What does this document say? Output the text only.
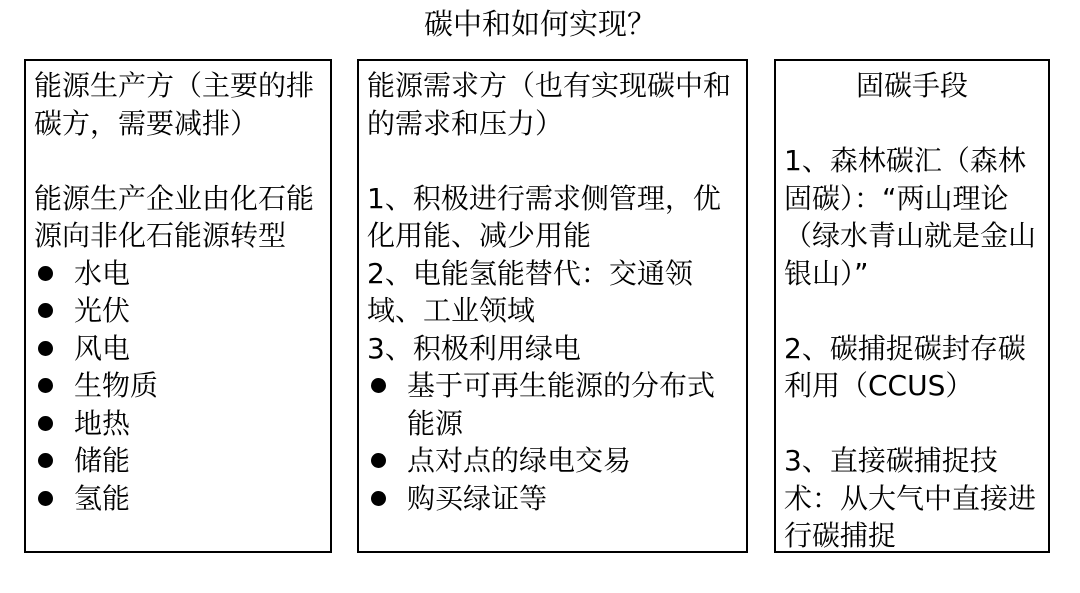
碳中和如何实现？
能源生产方（主要的排碳方，需要减排）
能源生产企业由化石能源向非化石能源转型
水电
光伏
风电
生物质
地热
储能
氢能
能源需求方（也有实现碳中和的需求和压力）
1、积极进行需求侧管理，优化用能、减少用能
2、电能氢能替代：交通领域、工业领域
3、积极利用绿电
基于可再生能源的分布式能源
点对点的绿电交易
购买绿证等
固碳手段
1、森林碳汇（森林固碳）：“两山理论（绿水青山就是金山银山）”
2、碳捕捉碳封存碳利用（CCUS）
3、直接碳捕捉技术：从大气中直接进行碳捕捉
